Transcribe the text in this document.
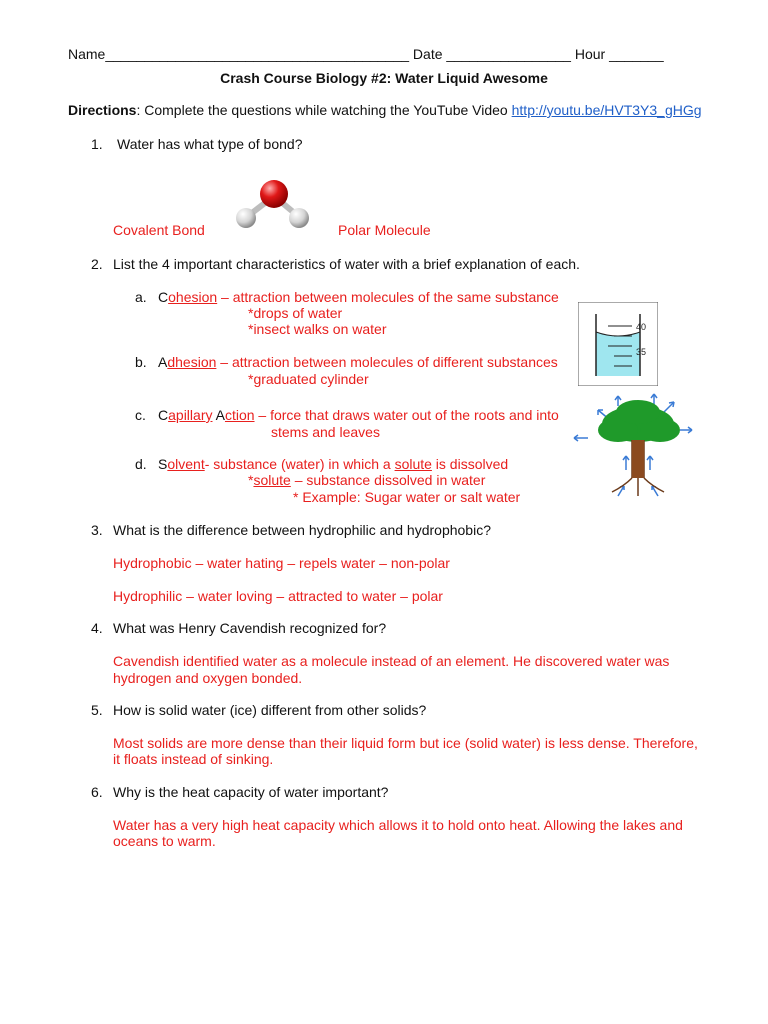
Name_______________________________________ Date ________________ Hour _______
Crash Course Biology #2: Water Liquid Awesome
Directions: Complete the questions while watching the YouTube Video http://youtu.be/HVT3Y3_gHGg
1. Water has what type of bond?
Covalent Bond	Polar Molecule
2. List the 4 important characteristics of water with a brief explanation of each.
a. Cohesion – attraction between molecules of the same substance
*drops of water
*insect walks on water
b. Adhesion – attraction between molecules of different substances
*graduated cylinder
c. Capillary Action – force that draws water out of the roots and into
stems and leaves
d. Solvent- substance (water) in which a solute is dissolved
*solute – substance dissolved in water
* Example: Sugar water or salt water
40
35
3. What is the difference between hydrophilic and hydrophobic?
Hydrophobic – water hating – repels water – non-polar
Hydrophilic – water loving – attracted to water – polar
4. What was Henry Cavendish recognized for?
Cavendish identified water as a molecule instead of an element. He discovered water was
hydrogen and oxygen bonded.
5. How is solid water (ice) different from other solids?
Most solids are more dense than their liquid form but ice (solid water) is less dense. Therefore,
it floats instead of sinking.
6. Why is the heat capacity of water important?
Water has a very high heat capacity which allows it to hold onto heat. Allowing the lakes and
oceans to warm.
